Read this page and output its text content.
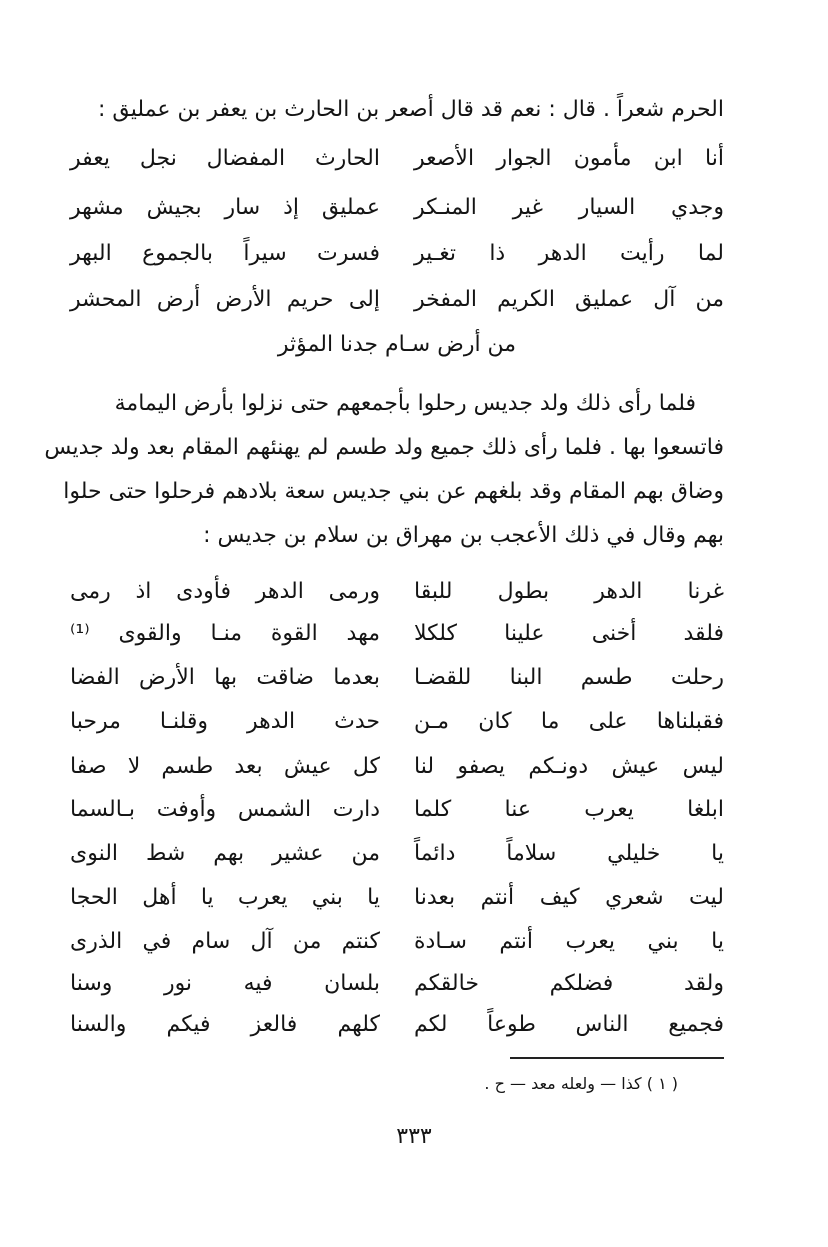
الحرم شعراً . قال : نعم قد قال أصعر بن الحارث بن يعفر بن عمليق :
أنا ابن مأمون الجوار الأصعر
الحارث المفضال نجل يعفر
وجدي السيار غير المنـكر
عمليق إذ سار بجيش مشهر
لما رأيت الدهر ذا تغـير
فسرت سيراً بالجموع البهر
من آل عمليق الكريم المفخر
إلى حريم الأرض أرض المحشر
من أرض سـام جدنا المؤثر
فلما رأى ذلك ولد جديس رحلوا بأجمعهم حتى نزلوا بأرض اليمامة
فاتسعوا بها . فلما رأى ذلك جميع ولد طسم لم يهنئهم المقام بعد ولد جديس
وضاق بهم المقام وقد بلغهم عن بني جديس سعة بلادهم فرحلوا حتى حلوا
بهم وقال في ذلك الأعجب بن مهراق بن سلام بن جديس :
غرنا الدهر بطول للبقا
ورمى الدهر فأودى اذ رمى
فلقد أخنى علينا كلكلا
مهد القوة منـا والقوى ⁽¹⁾
رحلت طسم البنا للقضـا
بعدما ضاقت بها الأرض الفضا
فقبلناها على ما كان مـن
حدث الدهر وقلنـا مرحبا
ليس عيش دونـكم يصفو لنا
كل عيش بعد طسم لا صفا
ابلغا يعرب عنا كلما
دارت الشمس وأوفت بـالسما
يا خليلي سلاماً دائماً
من عشير بهم شط النوى
ليت شعري كيف أنتم بعدنا
يا بني يعرب يا أهل الحجا
يا بني يعرب أنتم سـادة
كنتم من آل سام في الذرى
ولقد فضلكم خالقكم
بلسان فيه نور وسنا
فجميع الناس طوعاً لكم
كلهم فالعز فيكم والسنا
( ١ ) كذا — ولعله معد — ح .
٣٣٣
